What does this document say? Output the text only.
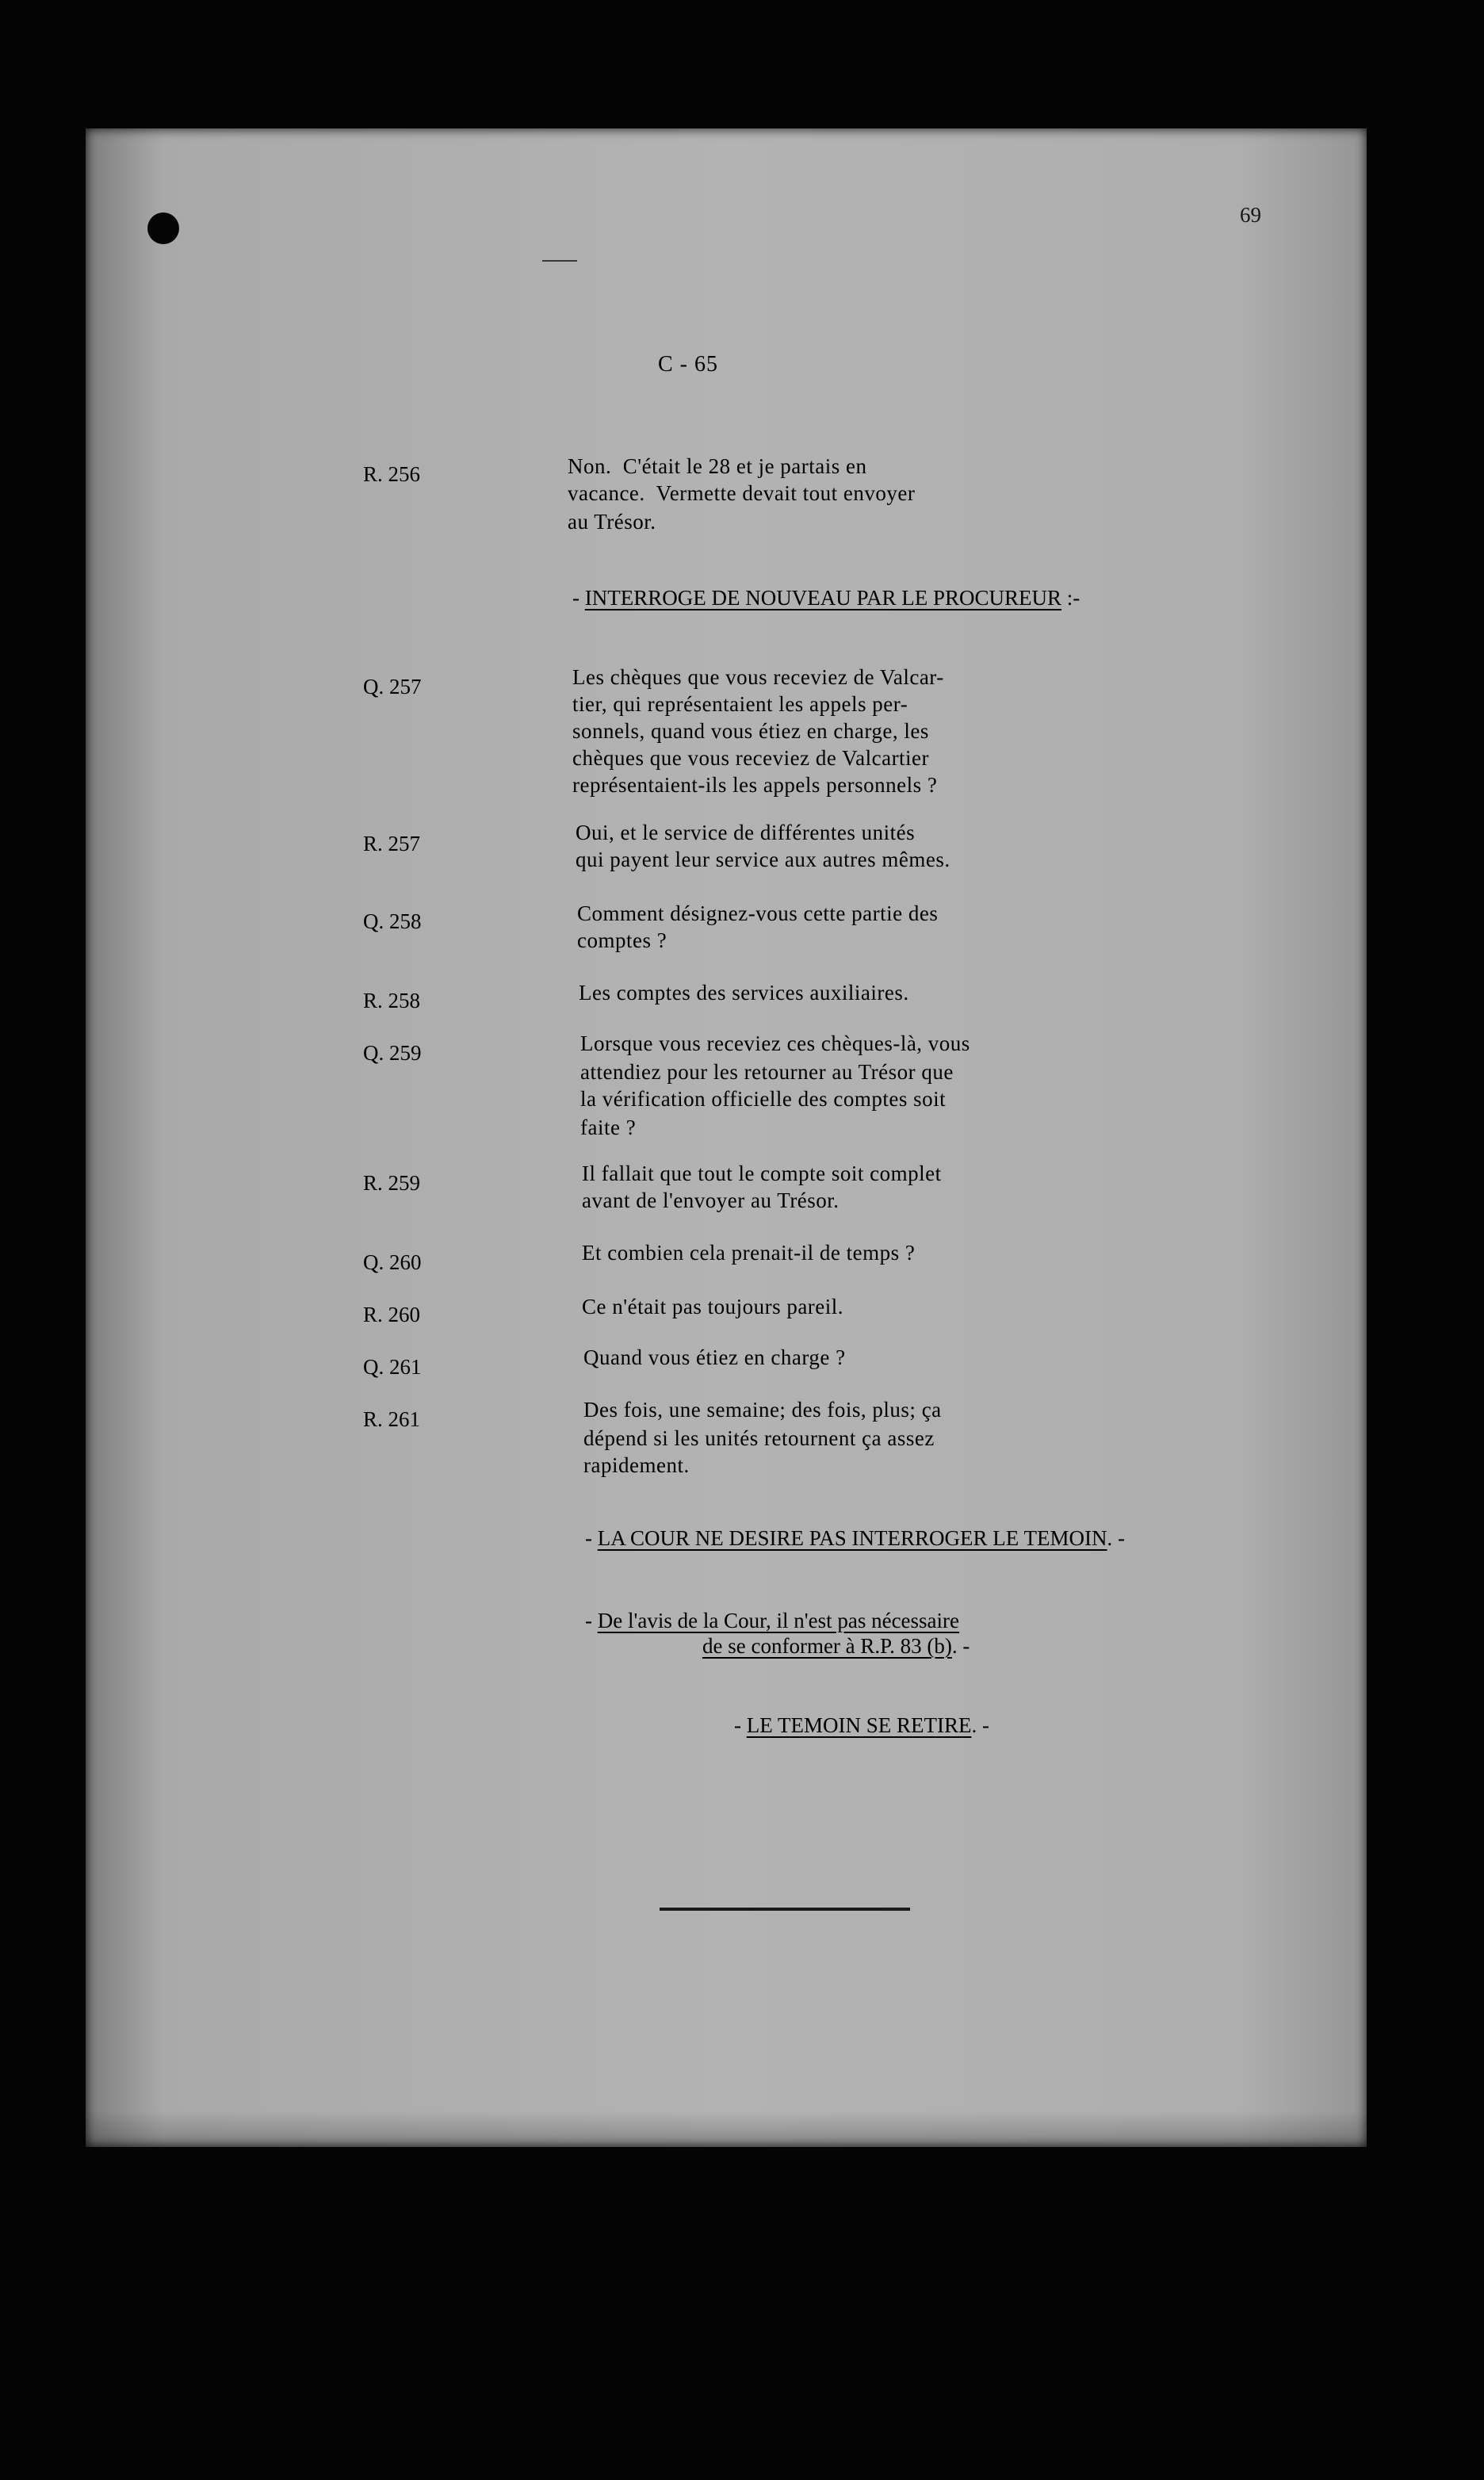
69
C - 65
R. 256	Non.  C'était le 28 et je partais en
vacance.  Vermette devait tout envoyer
au Trésor.
- INTERROGE DE NOUVEAU PAR LE PROCUREUR :-
Q. 257	Les chèques que vous receviez de Valcar-
tier, qui représentaient les appels per-
sonnels, quand vous étiez en charge, les
chèques que vous receviez de Valcartier
représentaient-ils les appels personnels ?
R. 257	Oui, et le service de différentes unités
qui payent leur service aux autres mêmes.
Q. 258	Comment désignez-vous cette partie des
comptes ?
R. 258	Les comptes des services auxiliaires.
Q. 259	Lorsque vous receviez ces chèques-là, vous
attendiez pour les retourner au Trésor que
la vérification officielle des comptes soit
faite ?
R. 259	Il fallait que tout le compte soit complet
avant de l'envoyer au Trésor.
Q. 260	Et combien cela prenait-il de temps ?
R. 260	Ce n'était pas toujours pareil.
Q. 261	Quand vous étiez en charge ?
R. 261	Des fois, une semaine; des fois, plus; ça
dépend si les unités retournent ça assez
rapidement.
- LA COUR NE DESIRE PAS INTERROGER LE TEMOIN. -
- De l'avis de la Cour, il n'est pas nécessaire
de se conformer à R.P. 83 (b). -
- LE TEMOIN SE RETIRE. -
